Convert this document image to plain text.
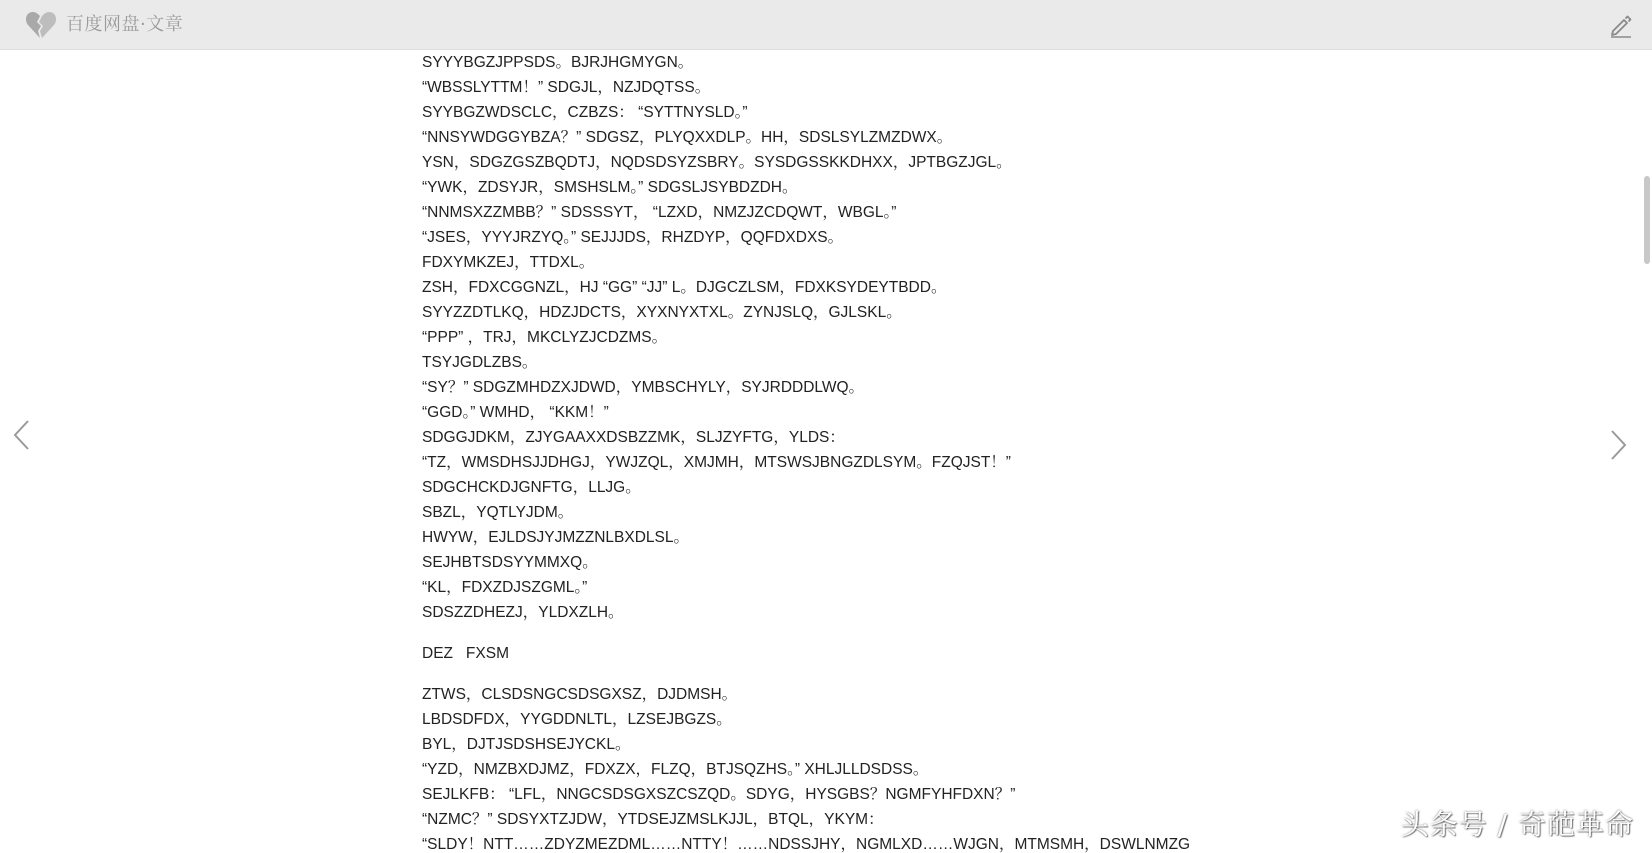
百度网盘·文章
SYYYBGZJPPSDS。BJRJHGMYGN。
“WBSSLYTTM！” SDGJL，NZJDQTSS。
SYYBGZWDSCLC，CZBZS： “SYTTNYSLD。”
“NNSYWDGGYBZA？” SDGSZ，PLYQXXDLP。HH，SDSLSYLZMZDWX。
YSN，SDGZGSZBQDTJ，NQDSDSYZSBRY。SYSDGSSKKDHXX，JPTBGZJGL。
“YWK，ZDSYJR，SMSHSLM。” SDGSLJSYBDZDH。
“NNMSXZZMBB？” SDSSSYT， “LZXD，NMZJZCDQWT，WBGL。”
“JSES，YYYJRZYQ。” SEJJJDS，RHZDYP，QQFDXDXS。
FDXYMKZEJ，TTDXL。
ZSH，FDXCGGNZL，HJ “GG” “JJ” L。DJGCZLSM，FDXKSYDEYTBDD。
SYYZZDTLKQ，HDZJDCTS，XYXNYXTXL。ZYNJSLQ，GJLSKL。
“PPP” ，TRJ，MKCLYZJCDZMS。
TSYJGDLZBS。
“SY？” SDGZMHDZXJDWD，YMBSCHYLY，SYJRDDDLWQ。
“GGD。” WMHD， “KKM！”
SDGGJDKM，ZJYGAAXXDSBZZMK，SLJZYFTG，YLDS：
“TZ，WMSDHSJJDHGJ，YWJZQL，XMJMH，MTSWSJBNGZDLSYM。FZQJST！”
SDGCHCKDJGNFTG，LLJG。
SBZL，YQTLYJDM。
HWYW，EJLDSJYJMZZNLBXDLSL。
SEJHBTSDSYYMMXQ。
“KL，FDXZDJSZGML。”
SDSZZDHEZJ，YLDXZLH。
DEZ   FXSM
ZTWS，CLSDSNGCSDSGXSZ，DJDMSH。
LBDSDFDX，YYGDDNLTL，LZSEJBGZS。
BYL，DJTJSDSHSEJYCKL。
“YZD，NMZBXDJMZ，FDXZX，FLZQ，BTJSQZHS。” XHLJLLDSDSS。
SEJLKFB： “LFL，NNGCSDSGXSZCSZQD。SDYG，HYSGBS？NGMFYHFDXN？”
“NZMC？” SDSYXTZJDW，YTDSEJZMSLKJJL，BTQL，YKYM：
“SLDY！NTT……ZDYZMEZDML……NTTY！……NDSSJHY，NGMLXD……WJGN，MTMSMH，DSWLNMZG
头条号 / 奇葩革命
